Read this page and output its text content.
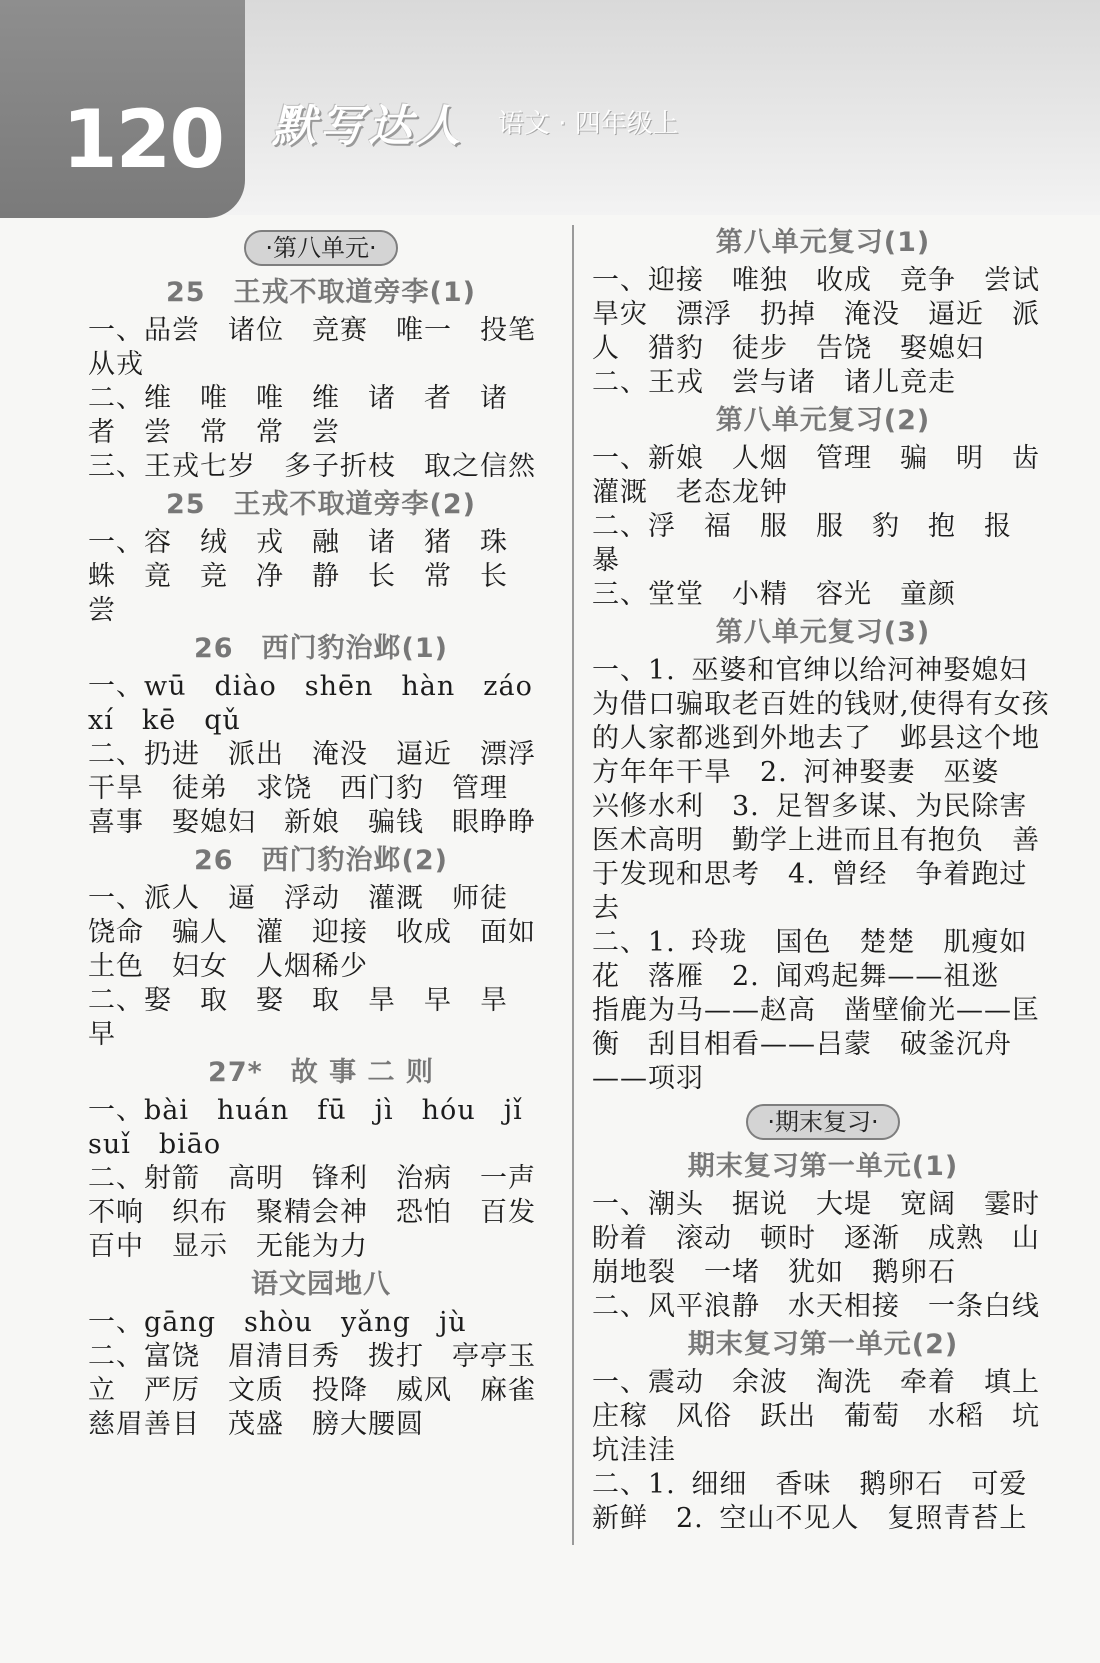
120 默写达人 语文 · 四年级上
·第八单元·

25　王戎不取道旁李(1)

一、品尝　诸位　竞赛　唯一　投笔从戎

二、维　唯　唯　维　诸　者　诸　者　尝　常　常　尝

三、王戎七岁　多子折枝　取之信然

25　王戎不取道旁李(2)

一、容　绒　戎　融　诸　猪　珠　蛛　竟　竞　净　静　长　常　长　尝

26　西门豹治邺(1)

一、wū　diào　shēn　hàn　záo　xí　kē　qǔ

二、扔进　派出　淹没　逼近　漂浮　干旱　徒弟　求饶　西门豹　管理　喜事　娶媳妇　新娘　骗钱　眼睁睁

26　西门豹治邺(2)

一、派人　逼　浮动　灌溉　师徒　饶命　骗人　灌　迎接　收成　面如土色　妇女　人烟稀少

二、娶　取　娶　取　旱　早　旱　早

27*　故 事 二 则

一、bài　huán　fū　jì　hóu　jǐ　suǐ　biāo

二、射箭　高明　锋利　治病　一声不响　织布　聚精会神　恐怕　百发百中　显示　无能为力

语文园地八

一、gāng　shòu　yǎng　jù

二、富饶　眉清目秀　拨打　亭亭玉立　严厉　文质　投降　威风　麻雀　慈眉善目　茂盛　膀大腰圆

第八单元复习(1)

一、迎接　唯独　收成　竞争　尝试　旱灾　漂浮　扔掉　淹没　逼近　派人　猎豹　徒步　告饶　娶媳妇

二、王戎　尝与诸　诸儿竞走

第八单元复习(2)

一、新娘　人烟　管理　骗　明　齿　灌溉　老态龙钟

二、浮　福　服　服　豹　抱　报　暴

三、堂堂　小精　容光　童颜

第八单元复习(3)

一、1. 巫婆和官绅以给河神娶媳妇为借口骗取老百姓的钱财,使得有女孩的人家都逃到外地去了　邺县这个地方年年干旱　2. 河神娶妻　巫婆　兴修水利　3. 足智多谋、为民除害　医术高明　勤学上进而且有抱负　善于发现和思考　4. 曾经　争着跑过去

二、1. 玲珑　国色　楚楚　肌瘦如花　落雁　2. 闻鸡起舞——祖逖　指鹿为马——赵高　凿壁偷光——匡衡　刮目相看——吕蒙　破釜沉舟——项羽

·期末复习·

期末复习第一单元(1)

一、潮头　据说　大堤　宽阔　霎时　盼着　滚动　顿时　逐渐　成熟　山崩地裂　一堵　犹如　鹅卵石

二、风平浪静　水天相接　一条白线

期末复习第一单元(2)

一、震动　余波　淘洗　牵着　填上　庄稼　风俗　跃出　葡萄　水稻　坑坑洼洼

二、1. 细细　香味　鹅卵石　可爱　新鲜　2. 空山不见人　复照青苔上
